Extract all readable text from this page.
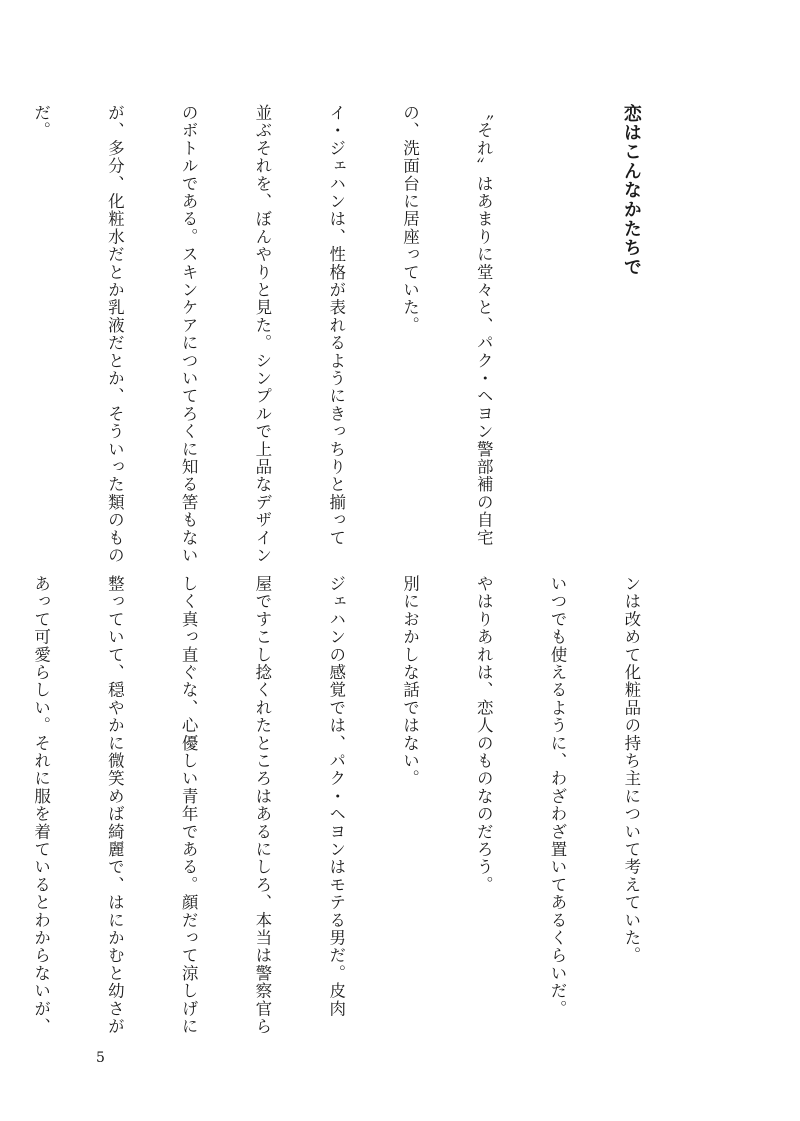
恋はこんなかたちで

〝それ〟はあまりに堂々と、パク・ヘヨン警部補の自宅

の、洗面台に居座っていた。

イ・ジェハンは、性格が表れるようにきっちりと揃って

並ぶそれを、ぼんやりと見た。シンプルで上品なデザイン

のボトルである。スキンケアについてろくに知る筈もない

が、多分、化粧水だとか乳液だとか、そういった類のもの

だ。

ンは改めて化粧品の持ち主について考えていた。

いつでも使えるように、わざわざ置いてあるくらいだ。

やはりあれは、恋人のものなのだろう。

別におかしな話ではない。

ジェハンの感覚では、パク・ヘヨンはモテる男だ。皮肉

屋ですこし捻くれたところはあるにしろ、本当は警察官ら

しく真っ直ぐな、心優しい青年である。顔だって涼しげに

整っていて、穏やかに微笑めば綺麗で、はにかむと幼さが

あって可愛らしい。それに服を着ているとわからないが、

5
